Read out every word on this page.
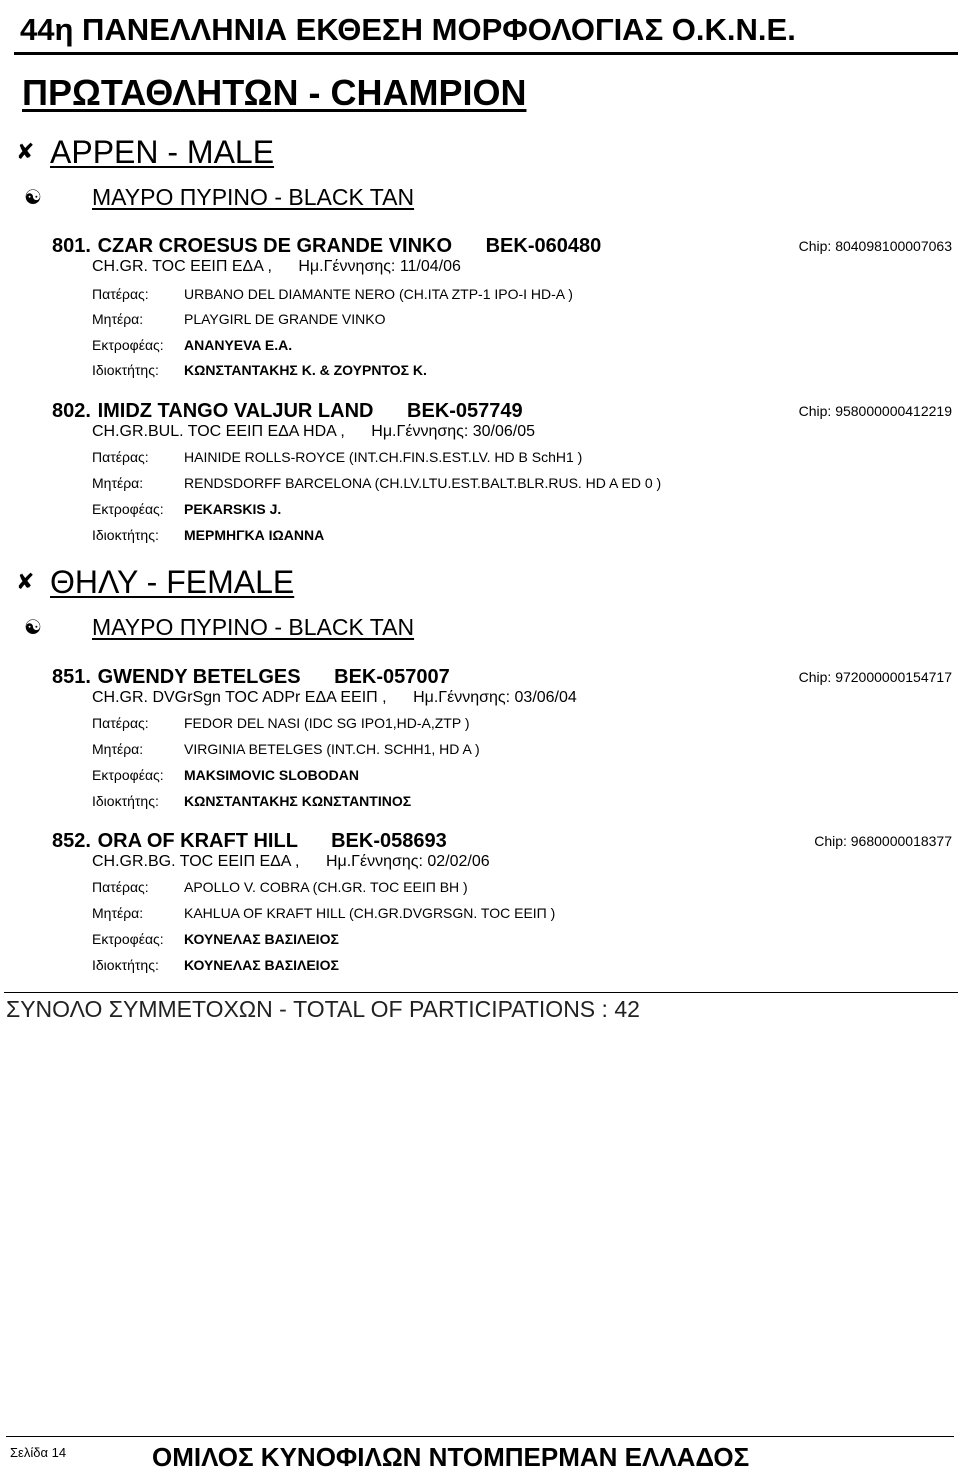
44η ΠΑΝΕΛΛΗΝΙΑ ΕΚΘΕΣΗ ΜΟΡΦΟΛΟΓΙΑΣ Ο.Κ.Ν.Ε.
ΠΡΩΤΑΘΛΗΤΩΝ - CHAMPION
✘ ΑΡΡΕΝ - MALE
☯ ΜΑΥΡΟ ΠΥΡΙΝΟ - BLACK TAN
801. CZAR CROESUS DE GRANDE VINKO BEK-060480	Chip: 804098100007063
CH.GR. TOC ΕΕΙΠ ΕΔΑ , Ημ.Γέννησης: 11/04/06
Πατέρας:	URBANO DEL DIAMANTE NERO (CH.ITA ZTP-1 IPO-I HD-A )
Μητέρα:	PLAYGIRL DE GRANDE VINKO
Εκτροφέας: ΑΝΑΝΥΕVA Ε.Α.
Ιδιοκτήτης: ΚΩΝΣΤΑΝΤΑΚΗΣ Κ. & ΖΟΥΡΝΤΟΣ Κ.
802. IMIDZ TANGO VALJUR LAND BEK-057749	Chip: 958000000412219
CH.GR.BUL. TOC ΕΕΙΠ ΕΔΑ HDA , Ημ.Γέννησης: 30/06/05
Πατέρας:	HAINIDE ROLLS-ROYCE (INT.CH.FIN.S.EST.LV. HD B SchH1 )
Μητέρα:	RENDSDORFF BARCELONA (CH.LV.LTU.EST.BALT.BLR.RUS. HD A ED 0 )
Εκτροφέας: PEKARSKIS J.
Ιδιοκτήτης: ΜΕΡΜΗΓΚΑ ΙΩΑΝΝΑ
✘ ΘΗΛΥ - FEMALE
☯ ΜΑΥΡΟ ΠΥΡΙΝΟ - BLACK TAN
851. GWENDY BETELGES BEK-057007	Chip: 972000000154717
CH.GR. DVGrSgn TOC ADPr ΕΔΑ ΕΕΙΠ , Ημ.Γέννησης: 03/06/04
Πατέρας:	FEDOR DEL NASI (IDC SG IPO1,HD-A,ZTP )
Μητέρα:	VIRGINIA BETELGES (INT.CH. SCHH1, HD A )
Εκτροφέας: MAKSIMOVIC SLOBODAN
Ιδιοκτήτης: ΚΩΝΣΤΑΝΤΑΚΗΣ ΚΩΝΣΤΑΝΤΙΝΟΣ
852. ORA OF KRAFT HILL BEK-058693	Chip: 9680000018377
CH.GR.BG. TOC ΕΕΙΠ ΕΔΑ , Ημ.Γέννησης: 02/02/06
Πατέρας:	APOLLO V. COBRA (CH.GR. TOC ΕΕΙΠ ΒΗ )
Μητέρα:	KAHLUA OF KRAFT HILL (CH.GR.DVGRSGN. TOC ΕΕΙΠ )
Εκτροφέας: ΚΟΥΝΕΛΑΣ ΒΑΣΙΛΕΙΟΣ
Ιδιοκτήτης: ΚΟΥΝΕΛΑΣ ΒΑΣΙΛΕΙΟΣ
ΣΥΝΟΛΟ ΣΥΜΜΕΤΟΧΩΝ - TOTAL OF PARTICIPATIONS : 42
Σελίδα 14	ΟΜΙΛΟΣ ΚΥΝΟΦΙΛΩΝ ΝΤΟΜΠΕΡΜΑΝ ΕΛΛΑΔΟΣ
